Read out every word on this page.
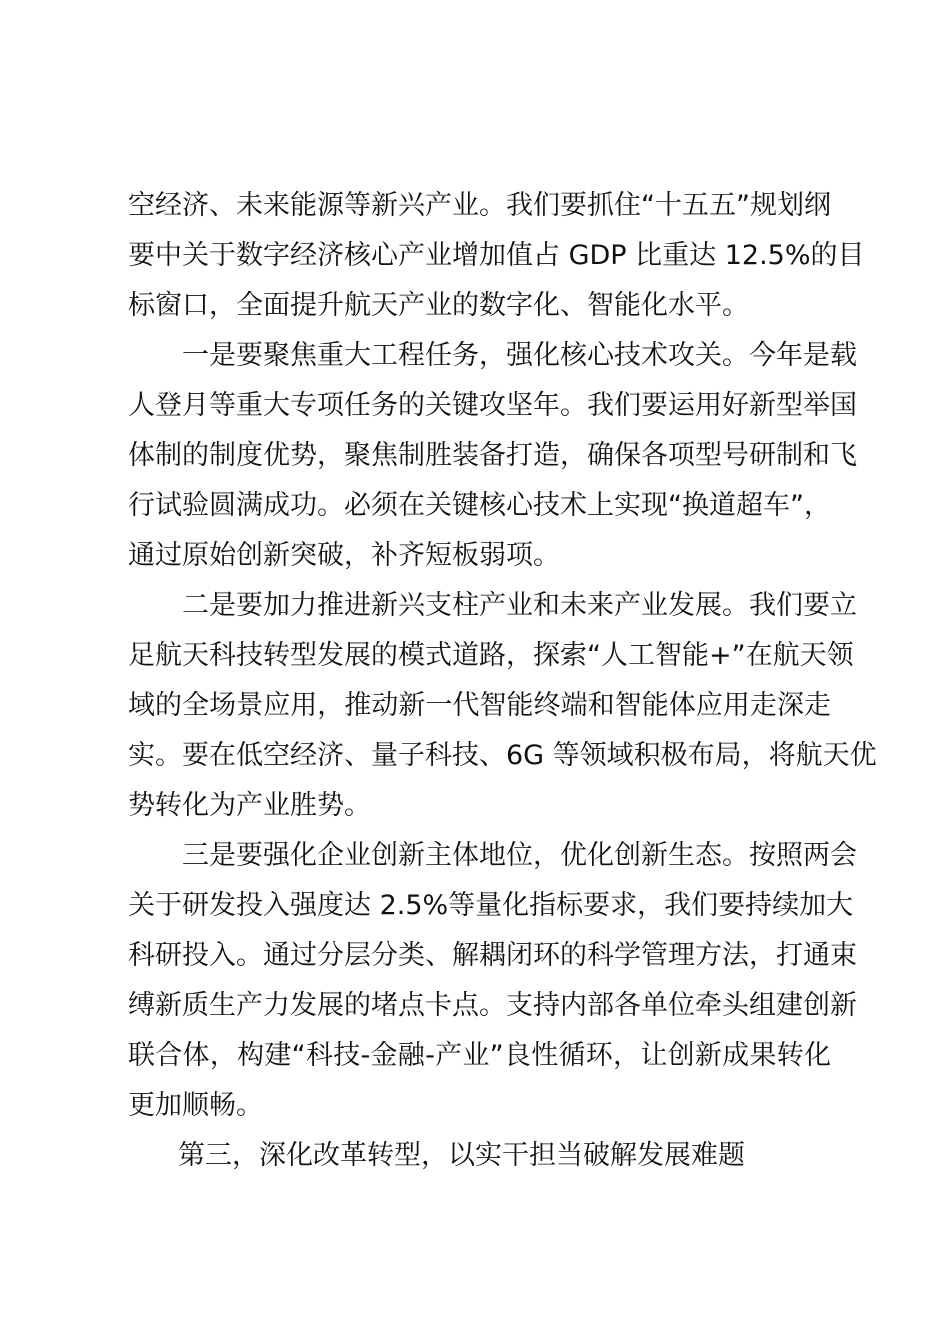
空经济、未来能源等新兴产业。我们要抓住“十五五”规划纲
要中关于数字经济核心产业增加值占 GDP 比重达 12.5%的目
标窗口，全面提升航天产业的数字化、智能化水平。
一是要聚焦重大工程任务，强化核心技术攻关。今年是载
人登月等重大专项任务的关键攻坚年。我们要运用好新型举国
体制的制度优势，聚焦制胜装备打造，确保各项型号研制和飞
行试验圆满成功。必须在关键核心技术上实现“换道超车”，
通过原始创新突破，补齐短板弱项。
二是要加力推进新兴支柱产业和未来产业发展。我们要立
足航天科技转型发展的模式道路，探索“人工智能+”在航天领
域的全场景应用，推动新一代智能终端和智能体应用走深走
实。要在低空经济、量子科技、6G 等领域积极布局，将航天优
势转化为产业胜势。
三是要强化企业创新主体地位，优化创新生态。按照两会
关于研发投入强度达 2.5%等量化指标要求，我们要持续加大
科研投入。通过分层分类、解耦闭环的科学管理方法，打通束
缚新质生产力发展的堵点卡点。支持内部各单位牵头组建创新
联合体，构建“科技-金融-产业”良性循环，让创新成果转化
更加顺畅。
第三，深化改革转型，以实干担当破解发展难题
